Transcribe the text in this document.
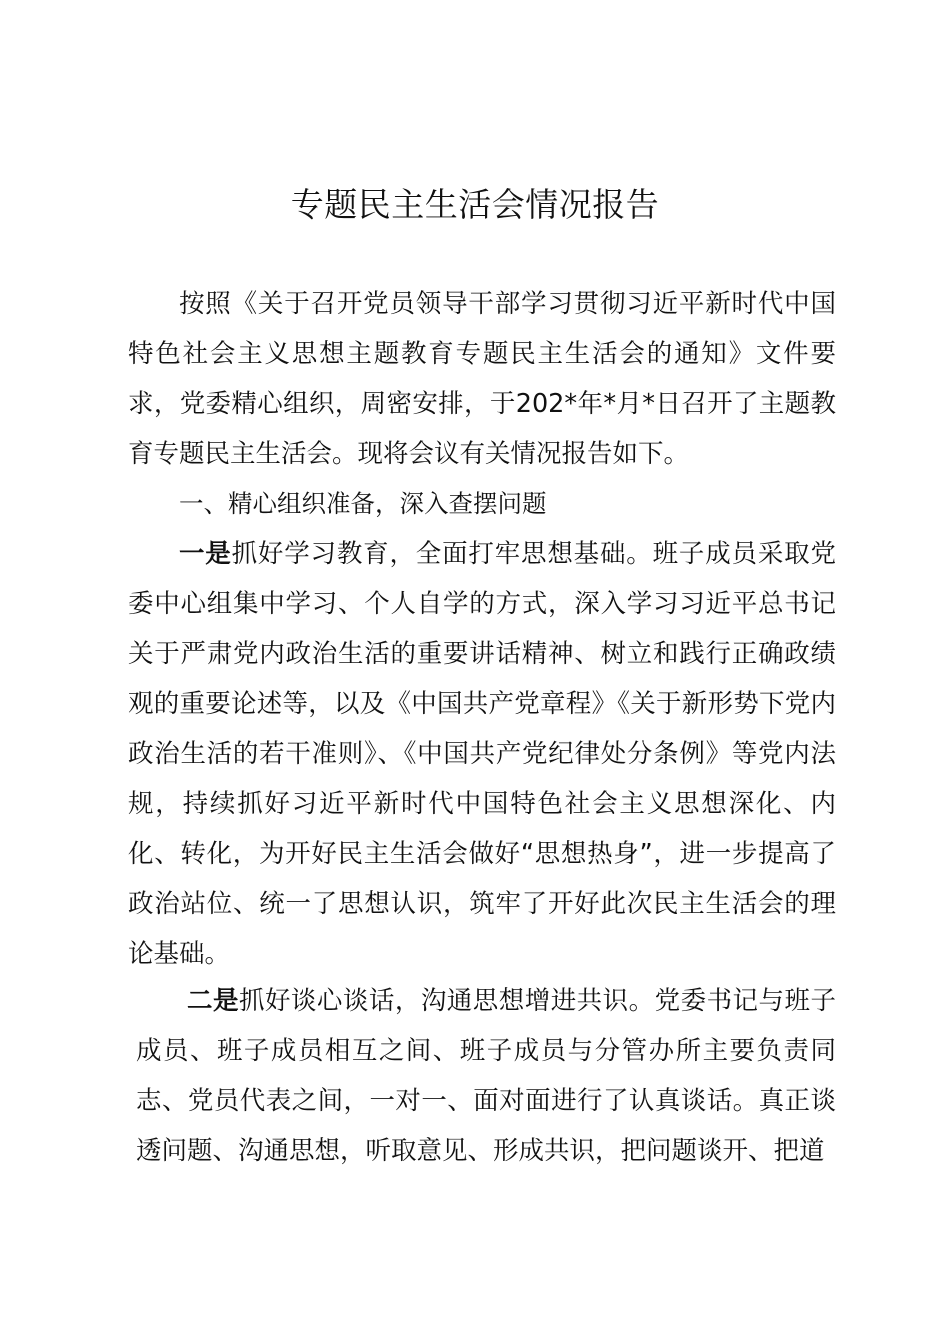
专题民主生活会情况报告

按照《关于召开党员领导干部学习贯彻习近平新时代中国特色社会主义思想主题教育专题民主生活会的通知》文件要求，党委精心组织，周密安排，于202*年*月*日召开了主题教育专题民主生活会。现将会议有关情况报告如下。

一、精心组织准备，深入查摆问题

一是抓好学习教育，全面打牢思想基础。班子成员采取党委中心组集中学习、个人自学的方式，深入学习习近平总书记关于严肃党内政治生活的重要讲话精神、树立和践行正确政绩观的重要论述等，以及《中国共产党章程》《关于新形势下党内政治生活的若干准则》、《中国共产党纪律处分条例》等党内法规，持续抓好习近平新时代中国特色社会主义思想深化、内化、转化，为开好民主生活会做好“思想热身”，进一步提高了政治站位、统一了思想认识，筑牢了开好此次民主生活会的理论基础。

二是抓好谈心谈话，沟通思想增进共识。党委书记与班子成员、班子成员相互之间、班子成员与分管办所主要负责同志、党员代表之间，一对一、面对面进行了认真谈话。真正谈透问题、沟通思想，听取意见、形成共识，把问题谈开、把道
